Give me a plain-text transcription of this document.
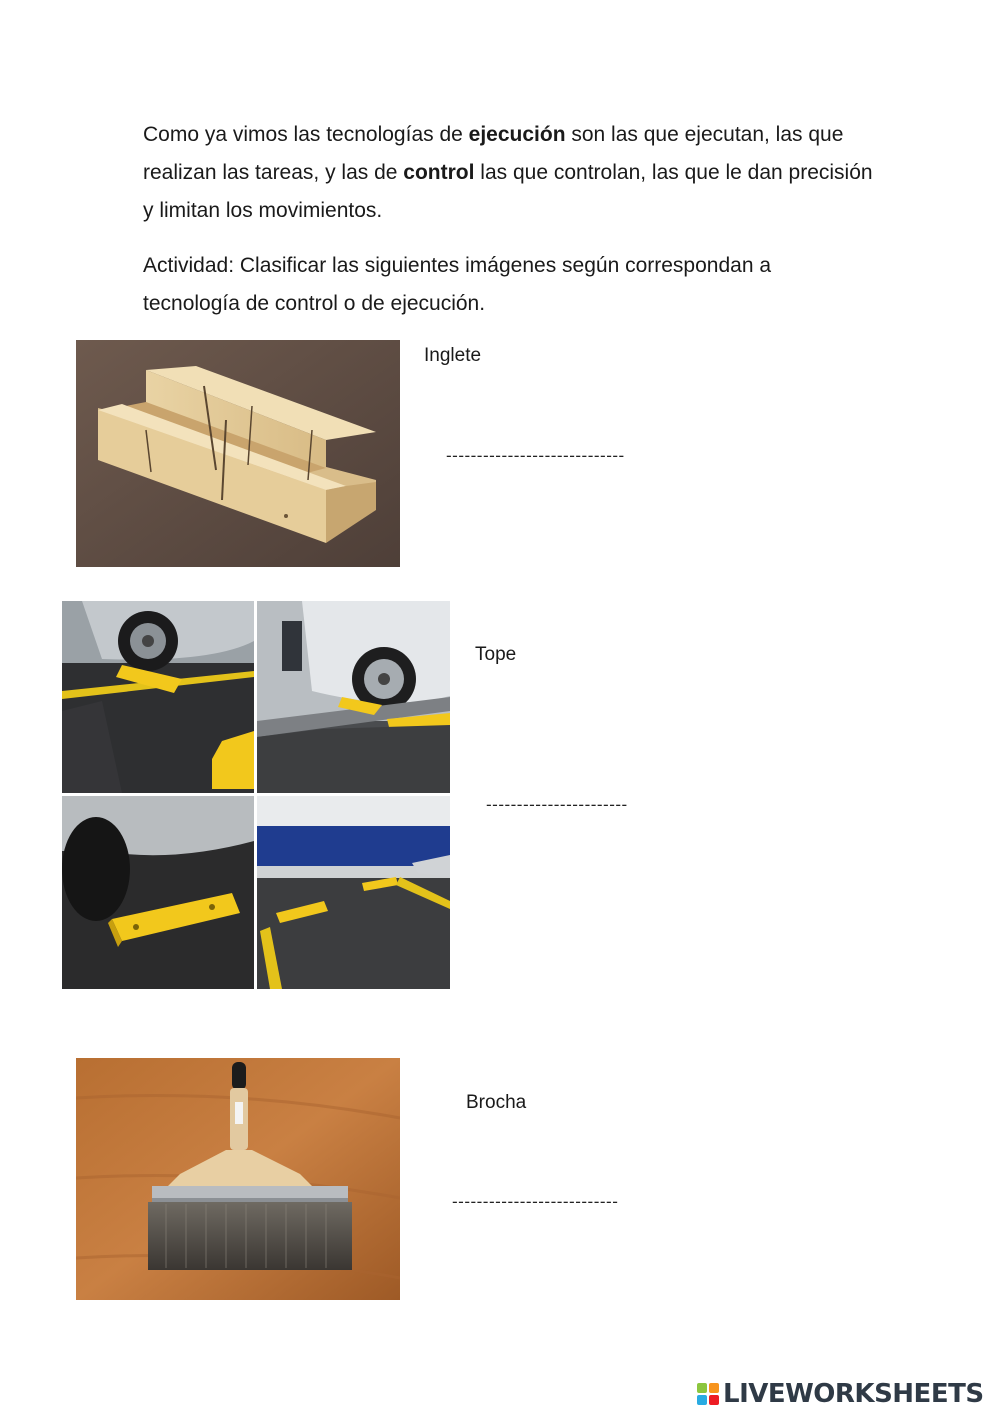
Como ya vimos las tecnologías de ejecución son las que ejecutan, las que realizan las tareas, y las de control las que controlan, las que le dan precisión y limitan los movimientos.

Actividad: Clasificar las siguientes imágenes según correspondan a tecnología de control o de ejecución.

Inglete
-----------------------------
Tope
-----------------------
Brocha
---------------------------
LIVEWORKSHEETS
